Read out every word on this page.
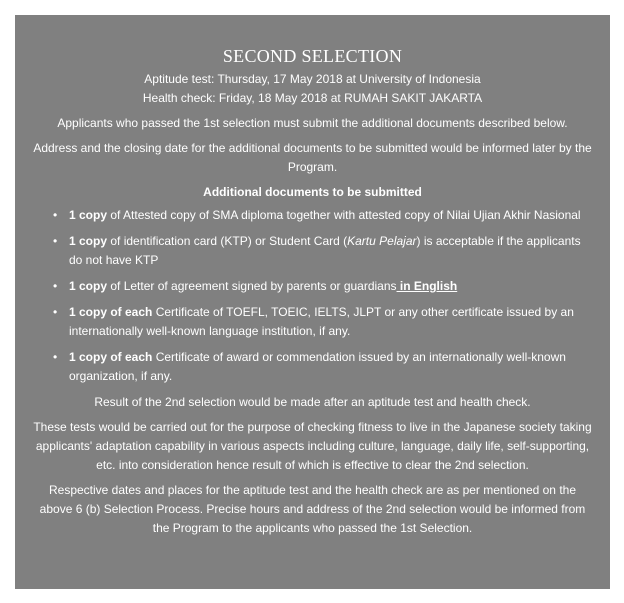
SECOND SELECTION

Aptitude test: Thursday, 17 May 2018 at University of Indonesia

Health check: Friday, 18 May 2018 at RUMAH SAKIT JAKARTA

Applicants who passed the 1st selection must submit the additional documents described below.

Address and the closing date for the additional documents to be submitted would be informed later by the Program.

Additional documents to be submitted

• 1 copy of Attested copy of SMA diploma together with attested copy of Nilai Ujian Akhir Nasional
• 1 copy of identification card (KTP) or Student Card (Kartu Pelajar) is acceptable if the applicants do not have KTP
• 1 copy of Letter of agreement signed by parents or guardians in English
• 1 copy of each Certificate of TOEFL, TOEIC, IELTS, JLPT or any other certificate issued by an internationally well-known language institution, if any.
• 1 copy of each Certificate of award or commendation issued by an internationally well-known organization, if any.

Result of the 2nd selection would be made after an aptitude test and health check.

These tests would be carried out for the purpose of checking fitness to live in the Japanese society taking applicants' adaptation capability in various aspects including culture, language, daily life, self-supporting, etc. into consideration hence result of which is effective to clear the 2nd selection.

Respective dates and places for the aptitude test and the health check are as per mentioned on the above 6 (b) Selection Process. Precise hours and address of the 2nd selection would be informed from the Program to the applicants who passed the 1st Selection.
